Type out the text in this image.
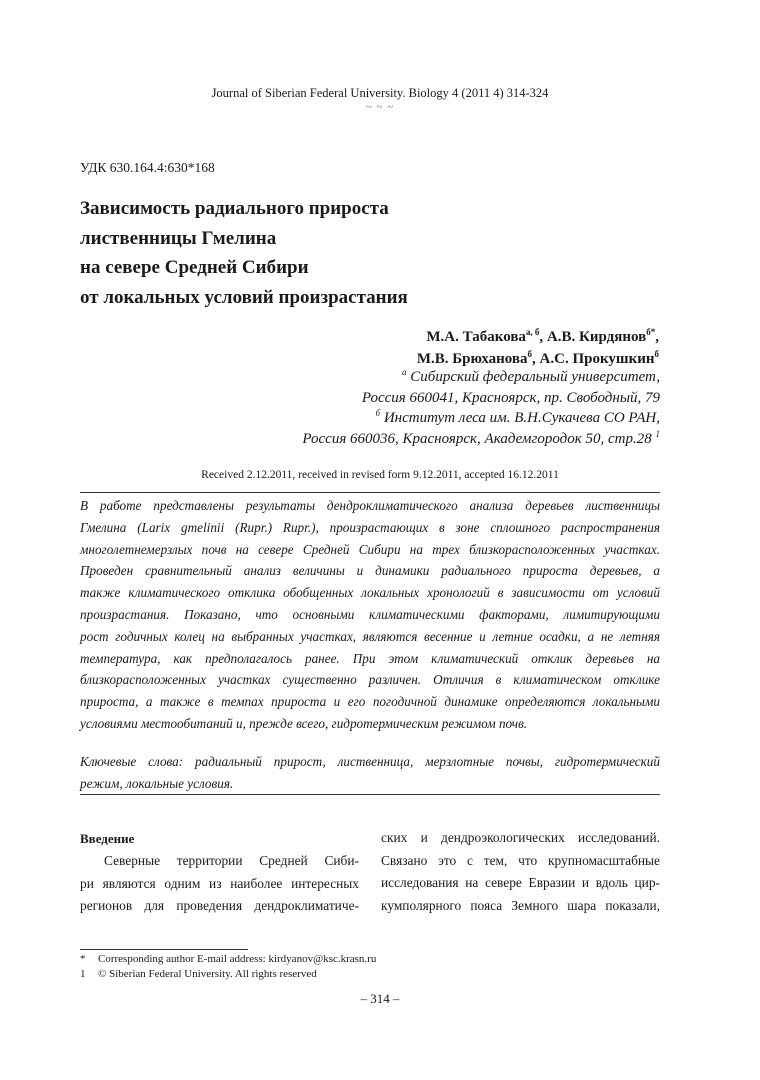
Journal of Siberian Federal University. Biology 4 (2011 4) 314-324
~ ~ ~
УДК 630.164.4:630*168
Зависимость радиального прироста
лиственницы Гмелина
на севере Средней Сибири
от локальных условий произрастания
М.А. Табакова$^{а, б}$, А.В. Кирдянов$^{б*}$,
М.В. Брюханова$^б$, А.С. Прокушкин$^б$
$^а$ Сибирский федеральный университет,
Россия 660041, Красноярск, пр. Свободный, 79
$^б$ Институт леса им. В.Н.Сукачева СО РАН,
Россия 660036, Красноярск, Академгородок 50, стр.28 $^1$
Received 2.12.2011, received in revised form 9.12.2011, accepted 16.12.2011
В работе представлены результаты дендроклиматического анализа деревьев лиственницы
Гмелина (Larix gmelinii (Rupr.) Rupr.), произрастающих в зоне сплошного распространения
многолетнемерзлых почв на севере Средней Сибири на трех близкорасположенных участках.
Проведен сравнительный анализ величины и динамики радиального прироста деревьев, а
также климатического отклика обобщенных локальных хронологий в зависимости от условий
произрастания. Показано, что основными климатическими факторами, лимитирующими
рост годичных колец на выбранных участках, являются весенние и летние осадки, а не летняя
температура, как предполагалось ранее. При этом климатический отклик деревьев на
близкорасположенных участках существенно различен. Отличия в климатическом отклике
прироста, а также в темпах прироста и его погодичной динамике определяются локальными
условиями местообитаний и, прежде всего, гидротермическим режимом почв.
Ключевые слова: радиальный прирост, лиственница, мерзлотные почвы, гидротермический
режим, локальные условия.
Введение
Северные территории Средней Сиби-
ри являются одним из наиболее интересных
регионов для проведения дендроклиматиче-
ских и дендроэкологических исследований.
Связано это с тем, что крупномасштабные
исследования на севере Евразии и вдоль цир-
кумполярного пояса Земного шара показали,
* Corresponding author E-mail address: kirdyanov@ksc.krasn.ru
1 © Siberian Federal University. All rights reserved
– 314 –
